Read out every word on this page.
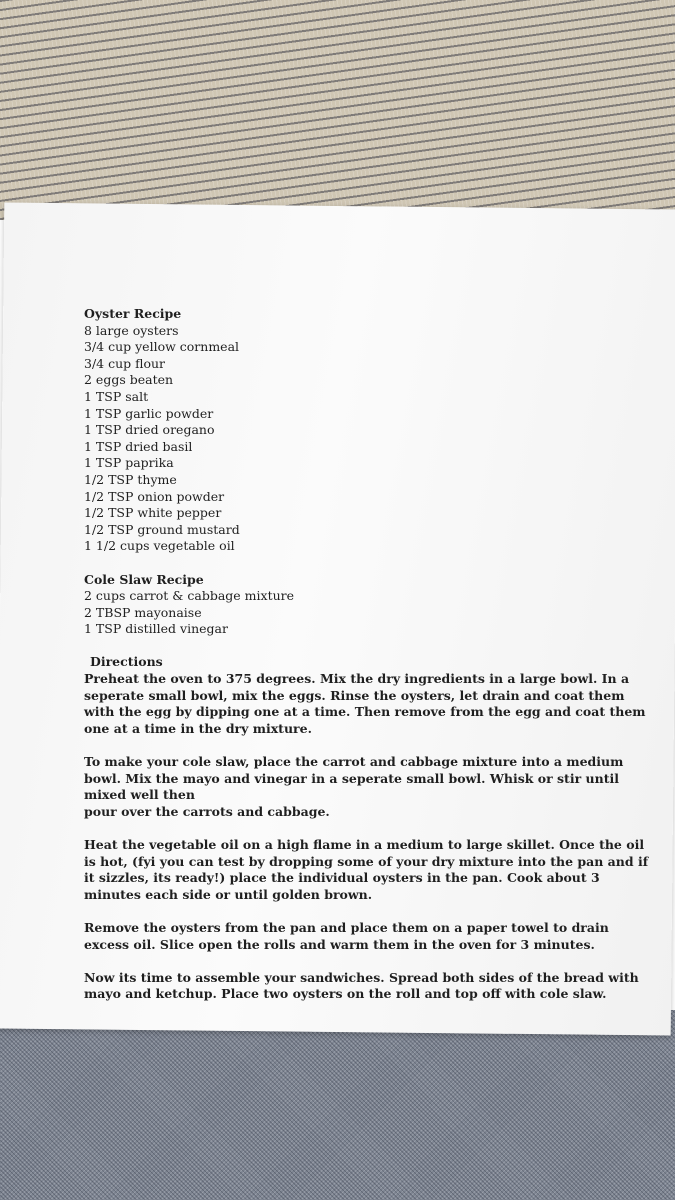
Oyster Recipe
8 large oysters
3/4 cup yellow cornmeal
3/4 cup flour
2 eggs beaten
1 TSP salt
1 TSP garlic powder
1 TSP dried oregano
1 TSP dried basil
1 TSP paprika
1/2 TSP thyme
1/2 TSP onion powder
1/2 TSP white pepper
1/2 TSP ground mustard
1 1/2 cups vegetable oil
Cole Slaw Recipe
2 cups carrot & cabbage mixture
2 TBSP mayonaise
1 TSP distilled vinegar
Directions
Preheat the oven to 375 degrees. Mix the dry ingredients in a large bowl. In a seperate small bowl, mix the eggs. Rinse the oysters, let drain and coat them with the egg by dipping one at a time. Then remove from the egg and coat them one at a time in the dry mixture.
To make your cole slaw, place the carrot and cabbage mixture into a medium bowl. Mix the mayo and vinegar in a seperate small bowl. Whisk or stir until mixed well then
pour over the carrots and cabbage.
Heat the vegetable oil on a high flame in a medium to large skillet. Once the oil is hot, (fyi you can test by dropping some of your dry mixture into the pan and if it sizzles, its ready!) place the individual oysters in the pan. Cook about 3 minutes each side or until golden brown.
Remove the oysters from the pan and place them on a paper towel to drain excess oil. Slice open the rolls and warm them in the oven for 3 minutes.
Now its time to assemble your sandwiches. Spread both sides of the bread with mayo and ketchup. Place two oysters on the roll and top off with cole slaw.
